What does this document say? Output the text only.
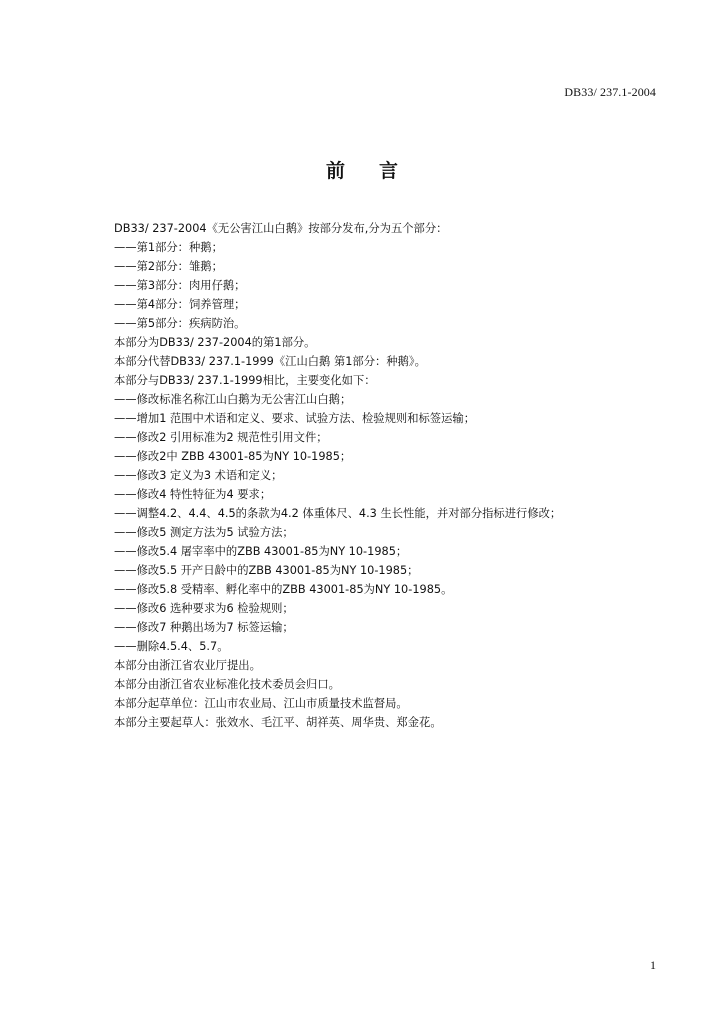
DB33/ 237.1-2004
前 言
DB33/ 237-2004《无公害江山白鹅》按部分发布,分为五个部分：
——第1部分：种鹅；
——第2部分：雏鹅；
——第3部分：肉用仔鹅；
——第4部分：饲养管理；
——第5部分：疾病防治。
本部分为DB33/ 237-2004的第1部分。
本部分代替DB33/ 237.1-1999《江山白鹅 第1部分：种鹅》。
本部分与DB33/ 237.1-1999相比，主要变化如下：
——修改标准名称江山白鹅为无公害江山白鹅；
——增加1 范围中术语和定义、要求、试验方法、检验规则和标签运输；
——修改2 引用标准为2 规范性引用文件；
——修改2中 ZBB 43001-85为NY 10-1985；
——修改3 定义为3 术语和定义；
——修改4 特性特征为4 要求；
——调整4.2、4.4、4.5的条款为4.2 体重体尺、4.3 生长性能，并对部分指标进行修改；
——修改5 测定方法为5 试验方法；
——修改5.4 屠宰率中的ZBB 43001-85为NY 10-1985；
——修改5.5 开产日龄中的ZBB 43001-85为NY 10-1985；
——修改5.8 受精率、孵化率中的ZBB 43001-85为NY 10-1985。
——修改6 选种要求为6 检验规则；
——修改7 种鹅出场为7 标签运输；
——删除4.5.4、5.7。
本部分由浙江省农业厅提出。
本部分由浙江省农业标准化技术委员会归口。
本部分起草单位：江山市农业局、江山市质量技术监督局。
本部分主要起草人：张效水、毛江平、胡祥英、周华贵、郑金花。
1
